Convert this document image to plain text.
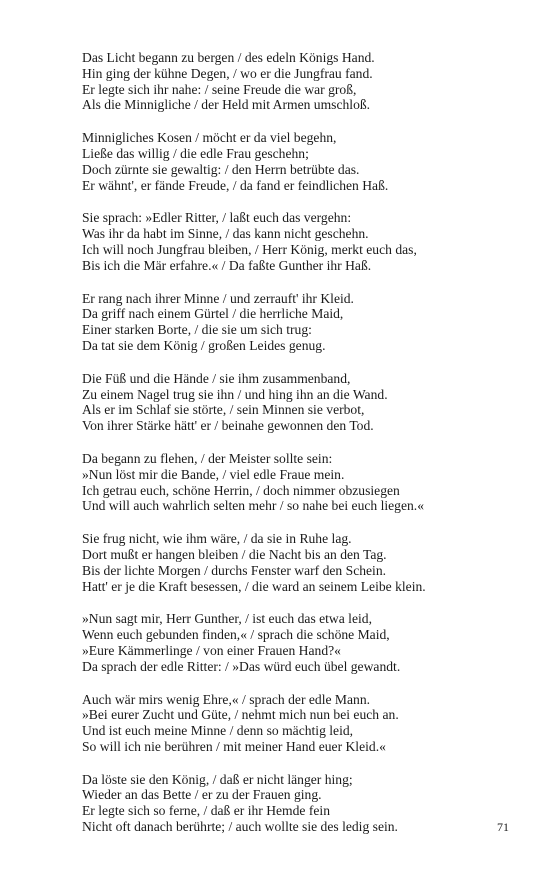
Das Licht begann zu bergen / des edeln Königs Hand.
Hin ging der kühne Degen, / wo er die Jungfrau fand.
Er legte sich ihr nahe: / seine Freude die war groß,
Als die Minnigliche / der Held mit Armen umschloß.
Minnigliches Kosen / möcht er da viel begehn,
Ließe das willig / die edle Frau geschehn;
Doch zürnte sie gewaltig: / den Herrn betrübte das.
Er wähnt', er fände Freude, / da fand er feindlichen Haß.
Sie sprach: »Edler Ritter, / laßt euch das vergehn:
Was ihr da habt im Sinne, / das kann nicht geschehn.
Ich will noch Jungfrau bleiben, / Herr König, merkt euch das,
Bis ich die Mär erfahre.« / Da faßte Gunther ihr Haß.
Er rang nach ihrer Minne / und zerrauft' ihr Kleid.
Da griff nach einem Gürtel / die herrliche Maid,
Einer starken Borte, / die sie um sich trug:
Da tat sie dem König / großen Leides genug.
Die Füß und die Hände / sie ihm zusammenband,
Zu einem Nagel trug sie ihn / und hing ihn an die Wand.
Als er im Schlaf sie störte, / sein Minnen sie verbot,
Von ihrer Stärke hätt' er / beinahe gewonnen den Tod.
Da begann zu flehen, / der Meister sollte sein:
»Nun löst mir die Bande, / viel edle Fraue mein.
Ich getrau euch, schöne Herrin, / doch nimmer obzusiegen
Und will auch wahrlich selten mehr / so nahe bei euch liegen.«
Sie frug nicht, wie ihm wäre, / da sie in Ruhe lag.
Dort mußt er hangen bleiben / die Nacht bis an den Tag.
Bis der lichte Morgen / durchs Fenster warf den Schein.
Hatt' er je die Kraft besessen, / die ward an seinem Leibe klein.
»Nun sagt mir, Herr Gunther, / ist euch das etwa leid,
Wenn euch gebunden finden,« / sprach die schöne Maid,
»Eure Kämmerlinge / von einer Frauen Hand?«
Da sprach der edle Ritter: / »Das würd euch übel gewandt.
Auch wär mirs wenig Ehre,« / sprach der edle Mann.
»Bei eurer Zucht und Güte, / nehmt mich nun bei euch an.
Und ist euch meine Minne / denn so mächtig leid,
So will ich nie berühren / mit meiner Hand euer Kleid.«
Da löste sie den König, / daß er nicht länger hing;
Wieder an das Bette / er zu der Frauen ging.
Er legte sich so ferne, / daß er ihr Hemde fein
Nicht oft danach berührte; / auch wollte sie des ledig sein.	71
